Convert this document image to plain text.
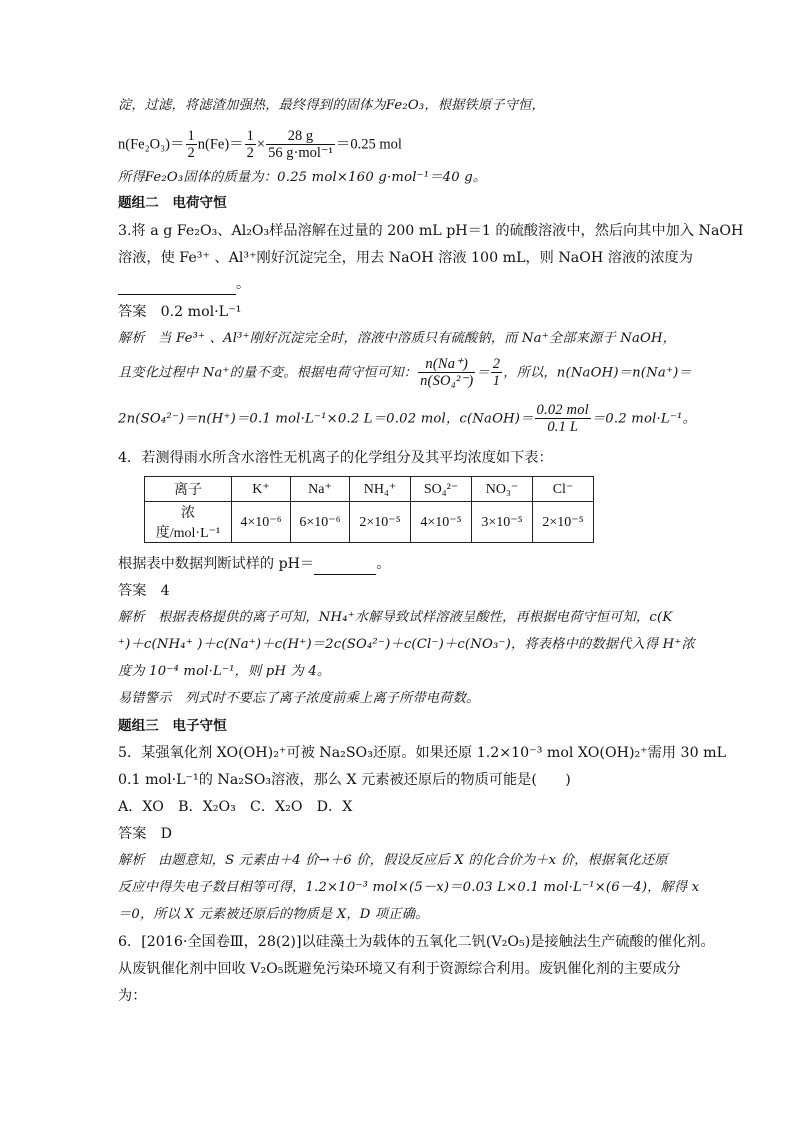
淀，过滤，将滤渣加强热，最终得到的固体为Fe₂O₃，根据铁原子守恒，
$n(Fe_2O_3)= \frac{1}{2} n(Fe)= \frac{1}{2} \times \frac{28 g}{\text{56 g·mol⁻¹}} =0.25$ mol
所得Fe₂O₃固体的质量为：0.25 mol×160 g·mol⁻¹＝40 g。
题组二　电荷守恒
3.将 a g Fe₂O₃、Al₂O₃样品溶解在过量的 200 mL pH＝1 的硫酸溶液中，然后向其中加入 NaOH
溶液，使 Fe³⁺ 、Al³⁺刚好沉淀完全，用去 NaOH 溶液 100 mL，则 NaOH 溶液的浓度为
。
答案　0.2 mol·L⁻¹
解析　当 Fe³⁺ 、Al³⁺刚好沉淀完全时，溶液中溶质只有硫酸钠，而 Na⁺全部来源于 NaOH，
且变化过程中 Na⁺的量不变。根据电荷守恒可知： $\frac{n(Na^+)}{\text{n(SO₄²⁻)}} = \frac{2}{1}$ ，所以，n(NaOH)＝n(Na⁺)＝
2n(SO₄²⁻)＝n(H⁺)＝0.1 mol·L⁻¹×0.2 L＝0.02 mol，c(NaOH)＝ $\frac{\text{0.02 mol}}{0.1 L} =0.2$ mol·L⁻¹。
4．若测得雨水所含水溶性无机离子的化学组分及其平均浓度如下表：
离子	K⁺	Na⁺	NH₄⁺	SO₄²⁻	NO₃⁻	Cl⁻
浓度/mol·L⁻¹	4×10⁻⁶	6×10⁻⁶	2×10⁻⁵	4×10⁻⁵	3×10⁻⁵	2×10⁻⁵
根据表中数据判断试样的 pH＝	。
答案　4
解析　根据表格提供的离子可知，NH₄⁺水解导致试样溶液呈酸性，再根据电荷守恒可知，c(K
⁺)＋c(NH₄⁺ )＋c(Na⁺)＋c(H⁺)＝2c(SO₄²⁻)＋c(Cl⁻)＋c(NO₃⁻)，将表格中的数据代入得 H⁺浓
度为 10⁻⁴ mol·L⁻¹，则 pH 为 4。
易错警示　列式时不要忘了离子浓度前乘上离子所带电荷数。
题组三　电子守恒
5．某强氧化剂 XO(OH)₂⁺可被 Na₂SO₃还原。如果还原 1.2×10⁻³ mol XO(OH)₂⁺需用 30 mL
0.1 mol·L⁻¹的 Na₂SO₃溶液，那么 X 元素被还原后的物质可能是(　　)
A．XO　B．X₂O₃　C．X₂O　D．X
答案　D
解析　由题意知，S 元素由＋4 价→＋6 价，假设反应后 X 的化合价为＋x 价，根据氧化还原
反应中得失电子数目相等可得，1.2×10⁻³ mol×(5－x)＝0.03 L×0.1 mol·L⁻¹×(6－4)，解得 x
＝0，所以 X 元素被还原后的物质是 X，D 项正确。
6．[2016·全国卷Ⅲ，28(2)]以硅藻土为载体的五氧化二钒(V₂O₅)是接触法生产硫酸的催化剂。
从废钒催化剂中回收 V₂O₅既避免污染环境又有利于资源综合利用。废钒催化剂的主要成分
为：
